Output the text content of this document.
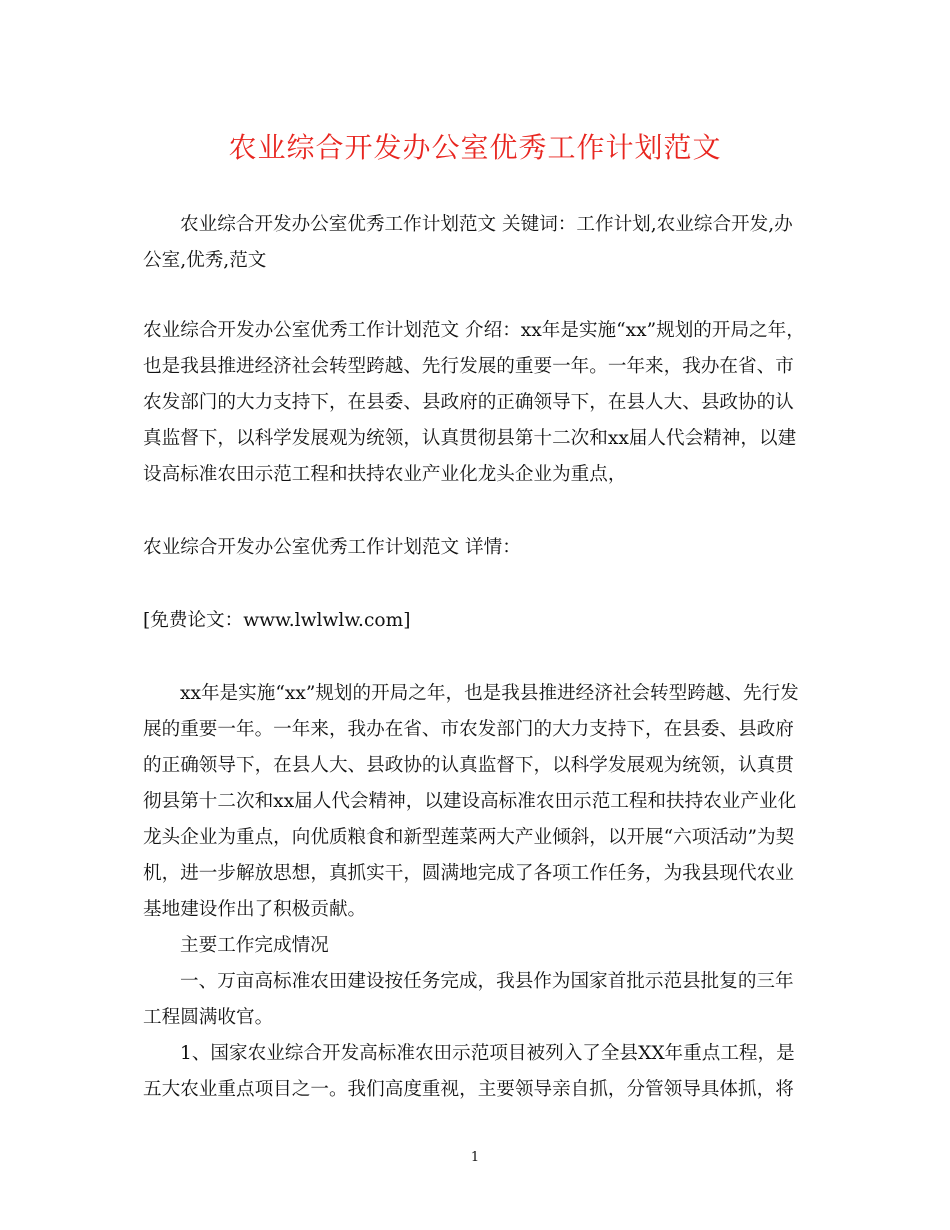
农业综合开发办公室优秀工作计划范文

农业综合开发办公室优秀工作计划范文 关键词：工作计划,农业综合开发,办公室,优秀,范文

农业综合开发办公室优秀工作计划范文 介绍：xx年是实施“xx”规划的开局之年，也是我县推进经济社会转型跨越、先行发展的重要一年。一年来，我办在省、市农发部门的大力支持下，在县委、县政府的正确领导下，在县人大、县政协的认真监督下，以科学发展观为统领，认真贯彻县第十二次和xx届人代会精神，以建设高标准农田示范工程和扶持农业产业化龙头企业为重点，

农业综合开发办公室优秀工作计划范文 详情：

[免费论文：www.lwlwlw.com]

xx年是实施“xx”规划的开局之年，也是我县推进经济社会转型跨越、先行发展的重要一年。一年来，我办在省、市农发部门的大力支持下，在县委、县政府的正确领导下，在县人大、县政协的认真监督下，以科学发展观为统领，认真贯彻县第十二次和xx届人代会精神，以建设高标准农田示范工程和扶持农业产业化龙头企业为重点，向优质粮食和新型莲菜两大产业倾斜，以开展“六项活动”为契机，进一步解放思想，真抓实干，圆满地完成了各项工作任务，为我县现代农业基地建设作出了积极贡献。

主要工作完成情况

一、万亩高标准农田建设按任务完成，我县作为国家首批示范县批复的三年工程圆满收官。

1、国家农业综合开发高标准农田示范项目被列入了全县XX年重点工程，是五大农业重点项目之一。我们高度重视，主要领导亲自抓，分管领导具体抓，将

1
